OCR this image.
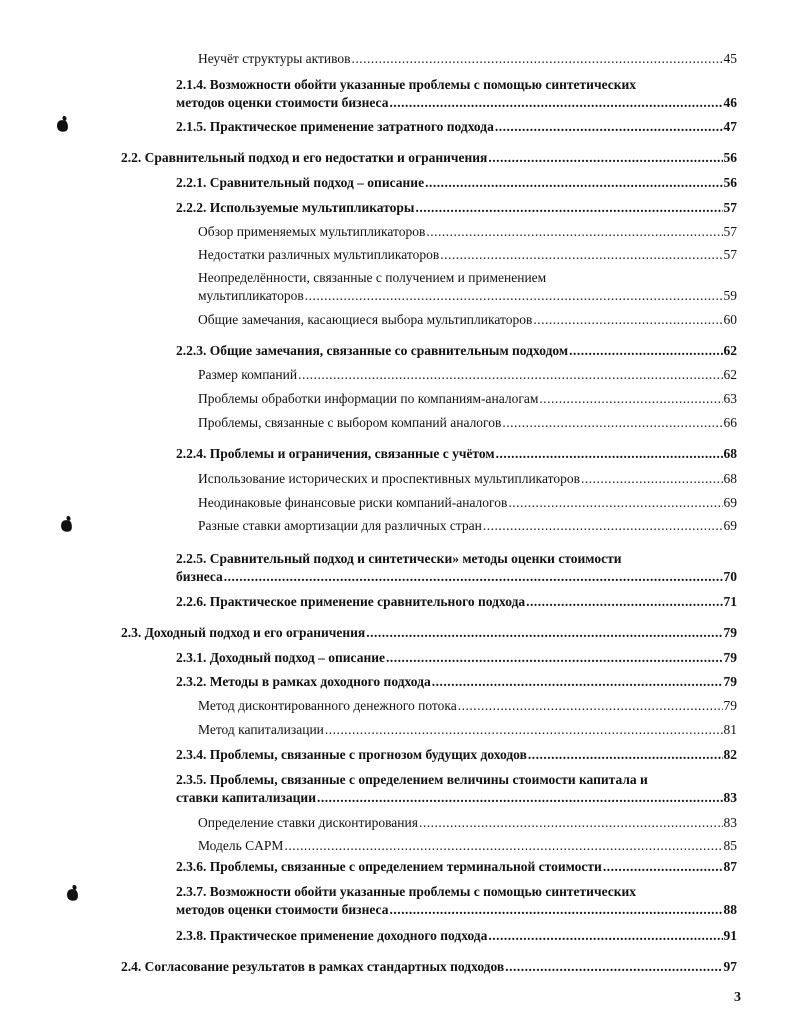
Неучёт структуры активов .....	45
2.1.4. Возможности обойти указанные проблемы с помощью синтетических
методов оценки стоимости бизнеса .....	46
2.1.5. Практическое применение затратного подхода .....	47
2.2. Сравнительный подход и его недостатки и ограничения .....	56
2.2.1. Сравнительный подход – описание .....	56
2.2.2. Используемые мультипликаторы .....	57
Обзор применяемых мультипликаторов .....	57
Недостатки различных мультипликаторов .....	57
Неопределённости, связанные с получением и применением
мультипликаторов .....	59
Общие замечания, касающиеся выбора мультипликаторов .....	60
2.2.3. Общие замечания, связанные со сравнительным подходом .....	62
Размер компаний .....	62
Проблемы обработки информации по компаниям-аналогам .....	63
Проблемы, связанные с выбором компаний аналогов .....	66
2.2.4. Проблемы и ограничения, связанные с учётом .....	68
Использование исторических и проспективных мультипликаторов .....	68
Неодинаковые финансовые риски компаний-аналогов .....	69
Разные ставки амортизации для различных стран .....	69
2.2.5. Сравнительный подход и синтетически» методы оценки стоимости
бизнеса .....	70
2.2.6. Практическое применение сравнительного подхода .....	71
2.3. Доходный подход и его ограничения .....	79
2.3.1. Доходный подход – описание .....	79
2.3.2. Методы в рамках доходного подхода .....	79
Метод дисконтированного денежного потока .....	79
Метод капитализации .....	81
2.3.4. Проблемы, связанные с прогнозом будущих доходов .....	82
2.3.5. Проблемы, связанные с определением величины стоимости капитала и
ставки капитализации .....	83
Определение ставки дисконтирования .....	83
Модель CAPM .....	85
2.3.6. Проблемы, связанные с определением терминальной стоимости .....	87
2.3.7. Возможности обойти указанные проблемы с помощью синтетических
методов оценки стоимости бизнеса .....	88
2.3.8. Практическое применение доходного подхода .....	91
2.4. Согласование результатов в рамках стандартных подходов .....	97
3
